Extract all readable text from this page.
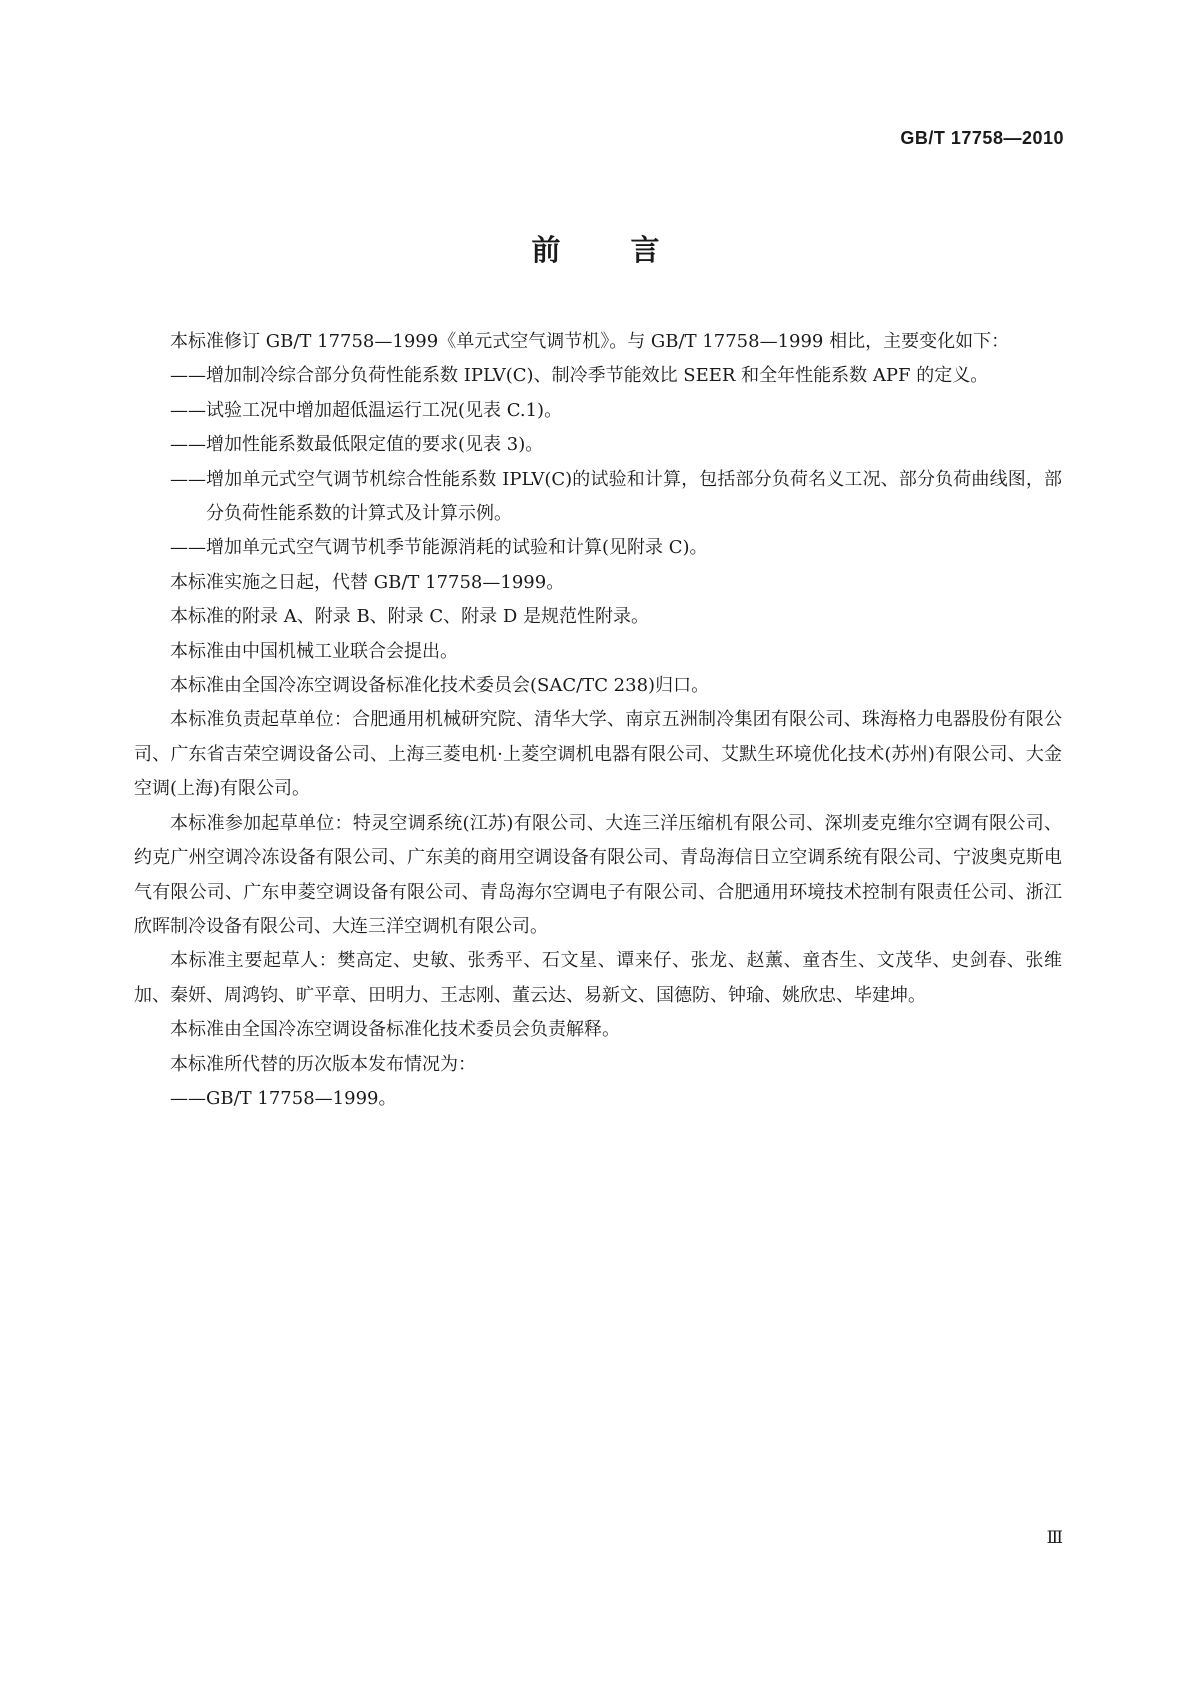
GB/T 17758—2010
前 言

本标准修订 GB/T 17758—1999《单元式空气调节机》。与 GB/T 17758—1999 相比，主要变化如下：

——增加制冷综合部分负荷性能系数 IPLV(C)、制冷季节能效比 SEER 和全年性能系数 APF 的定义。

——试验工况中增加超低温运行工况(见表 C.1)。

——增加性能系数最低限定值的要求(见表 3)。

——增加单元式空气调节机综合性能系数 IPLV(C)的试验和计算，包括部分负荷名义工况、部分负荷曲线图，部分负荷性能系数的计算式及计算示例。

——增加单元式空气调节机季节能源消耗的试验和计算(见附录 C)。

本标准实施之日起，代替 GB/T 17758—1999。

本标准的附录 A、附录 B、附录 C、附录 D 是规范性附录。

本标准由中国机械工业联合会提出。

本标准由全国冷冻空调设备标准化技术委员会(SAC/TC 238)归口。

本标准负责起草单位：合肥通用机械研究院、清华大学、南京五洲制冷集团有限公司、珠海格力电器股份有限公司、广东省吉荣空调设备公司、上海三菱电机·上菱空调机电器有限公司、艾默生环境优化技术(苏州)有限公司、大金空调(上海)有限公司。

本标准参加起草单位：特灵空调系统(江苏)有限公司、大连三洋压缩机有限公司、深圳麦克维尔空调有限公司、约克广州空调冷冻设备有限公司、广东美的商用空调设备有限公司、青岛海信日立空调系统有限公司、宁波奥克斯电气有限公司、广东申菱空调设备有限公司、青岛海尔空调电子有限公司、合肥通用环境技术控制有限责任公司、浙江欣晖制冷设备有限公司、大连三洋空调机有限公司。

本标准主要起草人：樊高定、史敏、张秀平、石文星、谭来仔、张龙、赵薰、童杏生、文茂华、史剑春、张维加、秦妍、周鸿钧、旷平章、田明力、王志刚、董云达、易新文、国德防、钟瑜、姚欣忠、毕建坤。

本标准由全国冷冻空调设备标准化技术委员会负责解释。

本标准所代替的历次版本发布情况为：

——GB/T 17758—1999。

Ⅲ
